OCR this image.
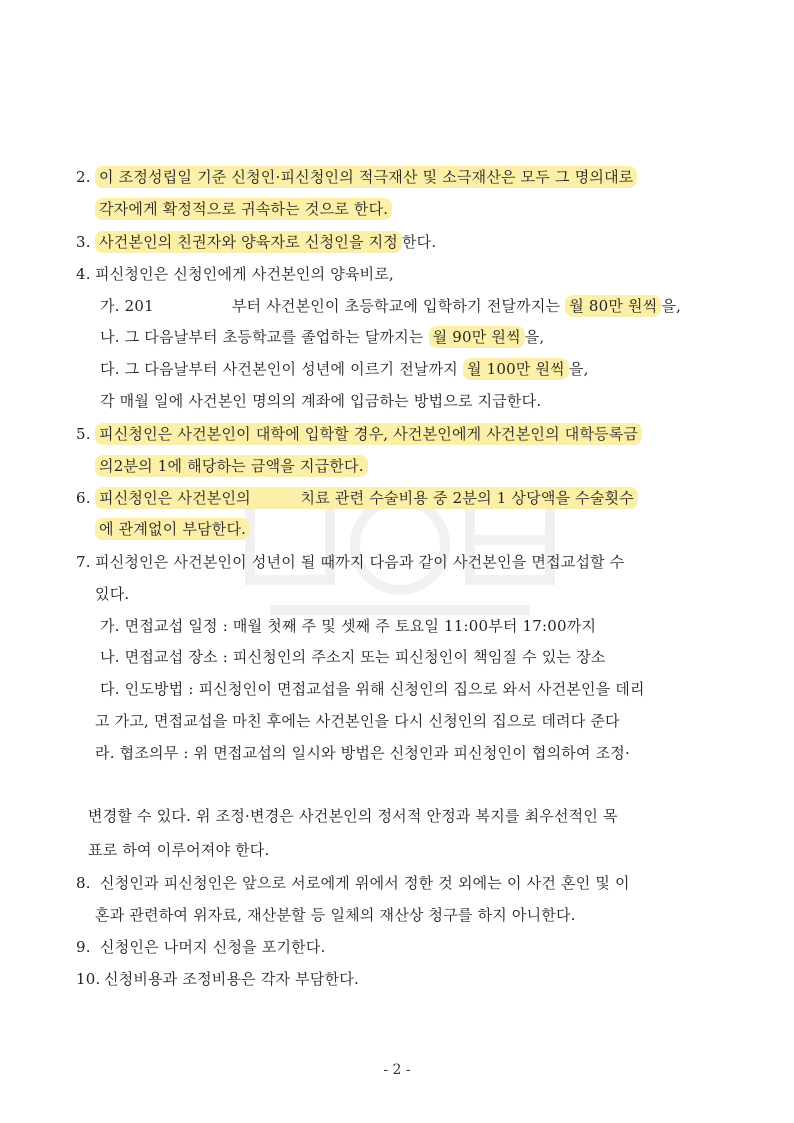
2. 이 조정성립일 기준 신청인·피신청인의 적극재산 및 소극재산은 모두 그 명의대로
각자에게 확정적으로 귀속하는 것으로 한다.
3. 사건본인의 친권자와 양육자로 신청인을 지정 한다.
4. 피신청인은 신청인에게 사건본인의 양육비로,
가. 201	부터 사건본인이 초등학교에 입학하기 전달까지는 월 80만 원씩 을,
나. 그 다음날부터 초등학교를 졸업하는 달까지는 월 90만 원씩 을,
다. 그 다음날부터 사건본인이 성년에 이르기 전날까지 월 100만 원씩 을,
각 매월 일에 사건본인 명의의 계좌에 입금하는 방법으로 지급한다.
5. 피신청인은 사건본인이 대학에 입학할 경우, 사건본인에게 사건본인의 대학등록금
의2분의 1에 해당하는 금액을 지급한다.
6. 피신청인은 사건본인의          치료 관련 수술비용 중 2분의 1 상당액을 수술횟수
에 관계없이 부담한다.
7. 피신청인은 사건본인이 성년이 될 때까지 다음과 같이 사건본인을 면접교섭할 수
있다.
가. 면접교섭 일정 : 매월 첫째 주 및 셋째 주 토요일 11:00부터 17:00까지
나. 면접교섭 장소 : 피신청인의 주소지 또는 피신청인이 책임질 수 있는 장소
다. 인도방법 : 피신청인이 면접교섭을 위해 신청인의 집으로 와서 사건본인을 데리
고 가고, 면접교섭을 마친 후에는 사건본인을 다시 신청인의 집으로 데려다 준다
라. 협조의무 : 위 면접교섭의 일시와 방법은 신청인과 피신청인이 협의하여 조정·
변경할 수 있다. 위 조정·변경은 사건본인의 정서적 안정과 복지를 최우선적인 목
표로 하여 이루어져야 한다.
8. 신청인과 피신청인은 앞으로 서로에게 위에서 정한 것 외에는 이 사건 혼인 및 이
혼과 관련하여 위자료, 재산분할 등 일체의 재산상 청구를 하지 아니한다.
9. 신청인은 나머지 신청을 포기한다.
10. 신청비용과 조정비용은 각자 부담한다.
- 2 -
